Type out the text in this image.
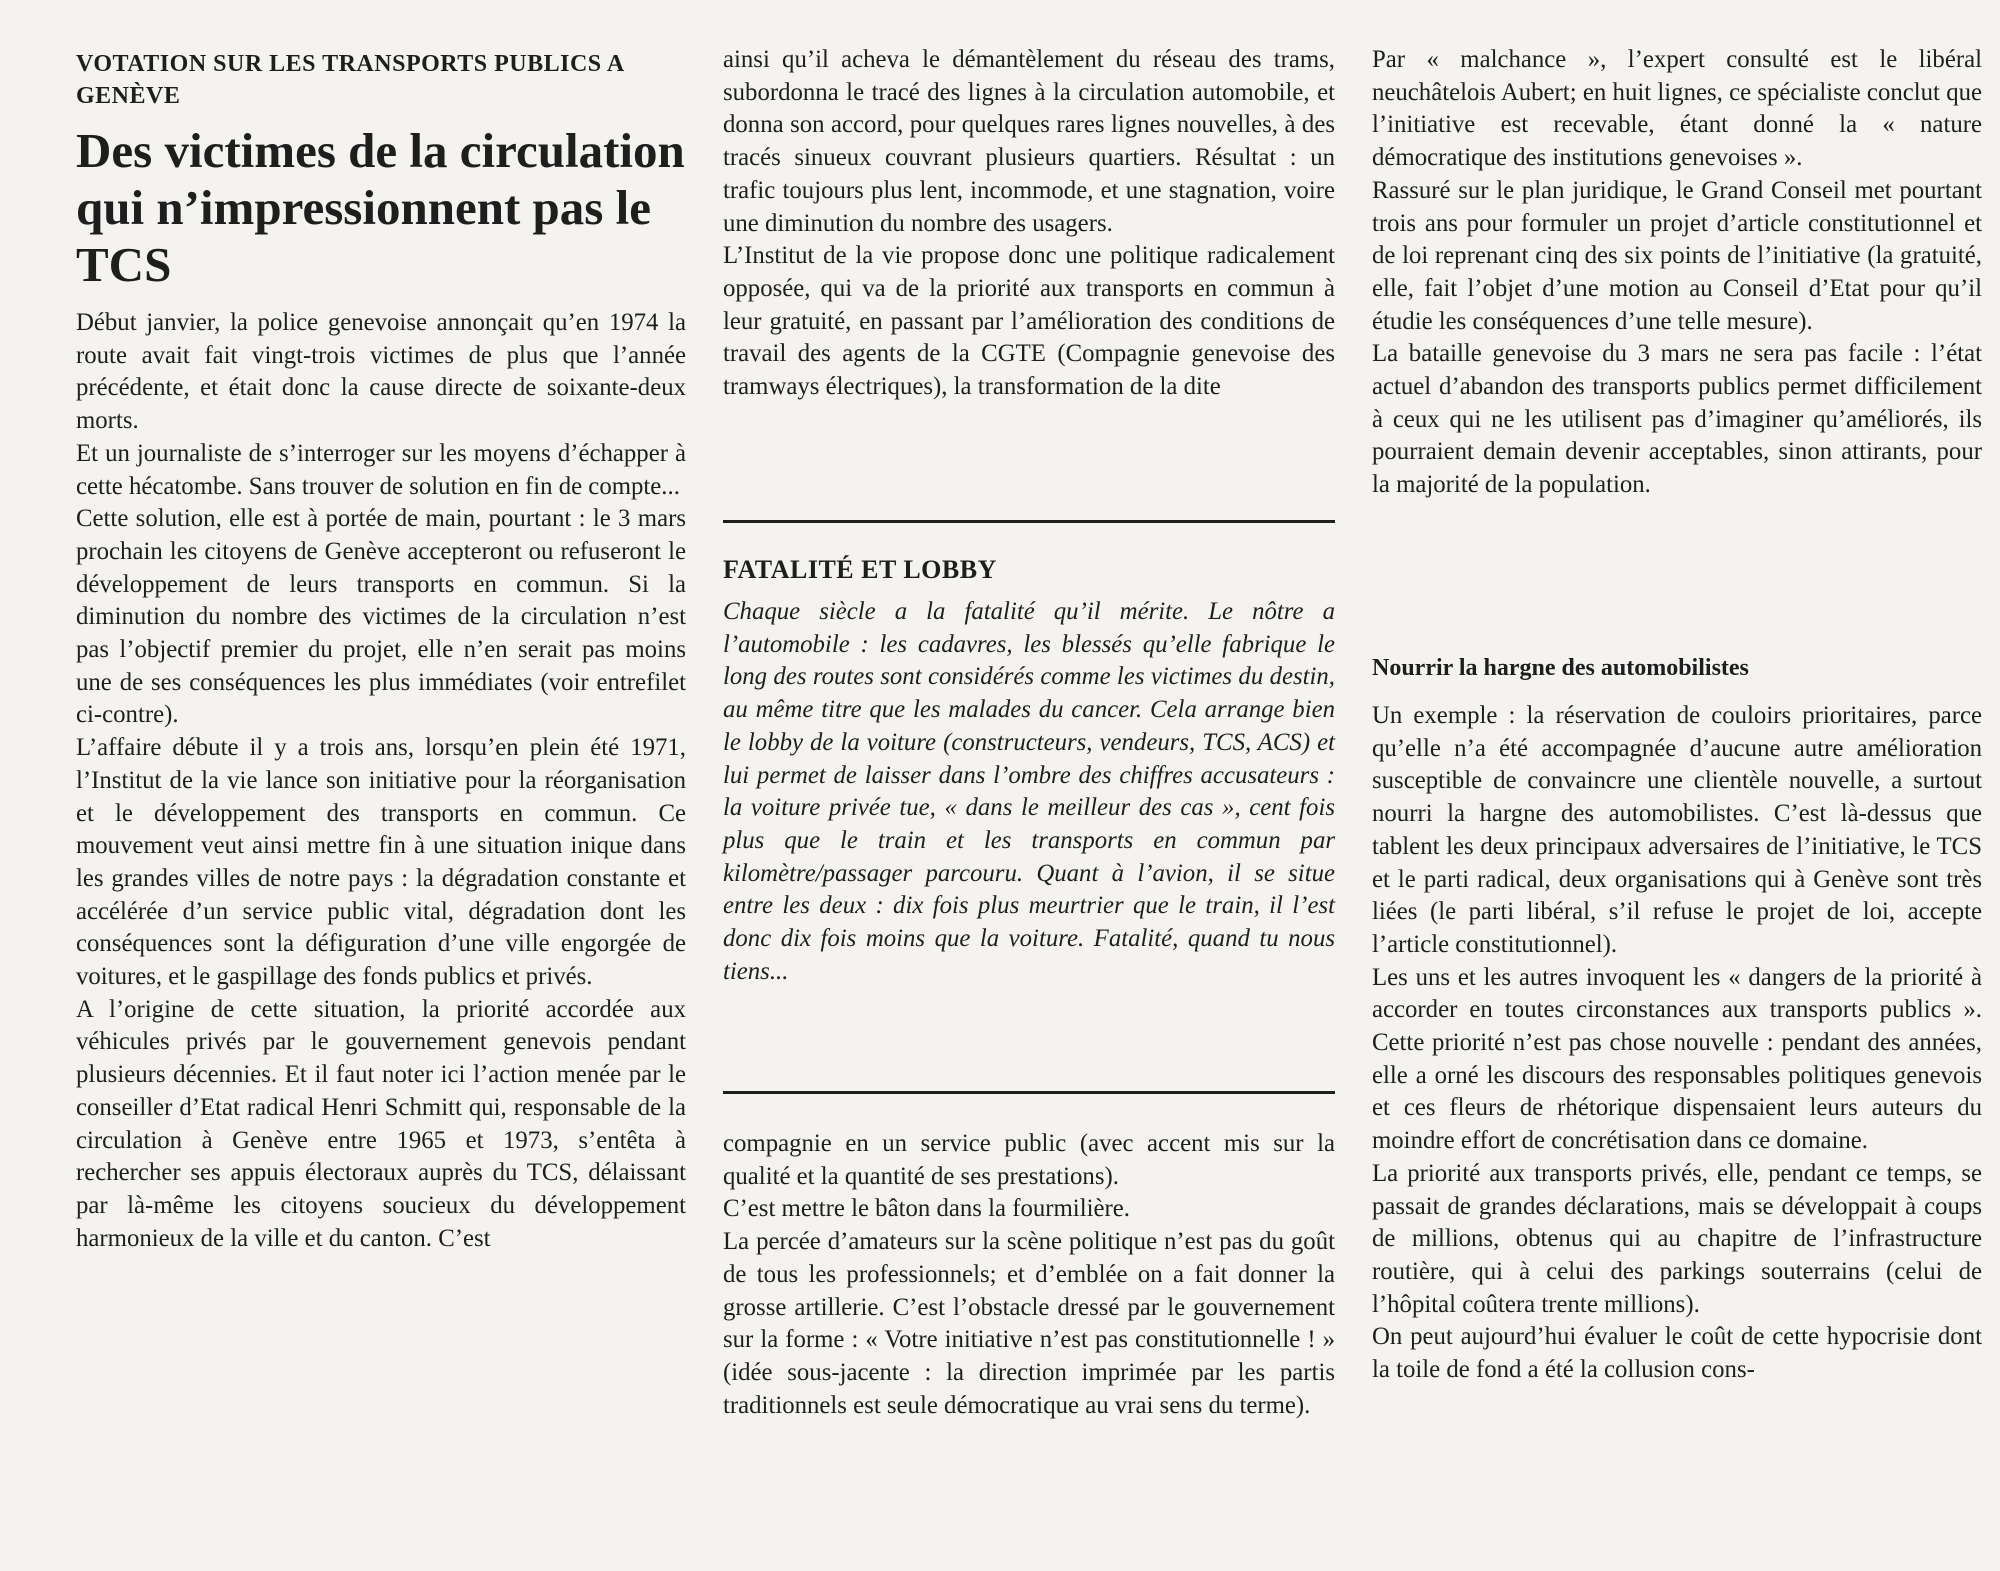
VOTATION SUR LES TRANSPORTS PUBLICS A GENÈVE
Des victimes de la circulation qui n’impressionnent pas le TCS

Début janvier, la police genevoise annonçait qu’en 1974 la route avait fait vingt-trois victimes de plus que l’année précédente, et était donc la cause directe de soixante-deux morts.

Et un journaliste de s’interroger sur les moyens d’échapper à cette hécatombe. Sans trouver de solution en fin de compte...

Cette solution, elle est à portée de main, pourtant : le 3 mars prochain les citoyens de Genève accepteront ou refuseront le développement de leurs transports en commun. Si la diminution du nombre des victimes de la circulation n’est pas l’objectif premier du projet, elle n’en serait pas moins une de ses conséquences les plus immédiates (voir entrefilet ci-contre).

L’affaire débute il y a trois ans, lorsqu’en plein été 1971, l’Institut de la vie lance son initiative pour la réorganisation et le développement des transports en commun. Ce mouvement veut ainsi mettre fin à une situation inique dans les grandes villes de notre pays : la dégradation constante et accélérée d’un service public vital, dégradation dont les conséquences sont la défiguration d’une ville engorgée de voitures, et le gaspillage des fonds publics et privés.

A l’origine de cette situation, la priorité accordée aux véhicules privés par le gouvernement genevois pendant plusieurs décennies. Et il faut noter ici l’action menée par le conseiller d’Etat radical Henri Schmitt qui, responsable de la circulation à Genève entre 1965 et 1973, s’entêta à rechercher ses appuis électoraux auprès du TCS, délaissant par là-même les citoyens soucieux du développement harmonieux de la ville et du canton. C’est

ainsi qu’il acheva le démantèlement du réseau des trams, subordonna le tracé des lignes à la circulation automobile, et donna son accord, pour quelques rares lignes nouvelles, à des tracés sinueux couvrant plusieurs quartiers. Résultat : un trafic toujours plus lent, incommode, et une stagnation, voire une diminution du nombre des usagers.

L’Institut de la vie propose donc une politique radicalement opposée, qui va de la priorité aux transports en commun à leur gratuité, en passant par l’amélioration des conditions de travail des agents de la CGTE (Compagnie genevoise des tramways électriques), la transformation de la dite

FATALITÉ ET LOBBY

Chaque siècle a la fatalité qu’il mérite. Le nôtre a l’automobile : les cadavres, les blessés qu’elle fabrique le long des routes sont considérés comme les victimes du destin, au même titre que les malades du cancer. Cela arrange bien le lobby de la voiture (constructeurs, vendeurs, TCS, ACS) et lui permet de laisser dans l’ombre des chiffres accusateurs : la voiture privée tue, « dans le meilleur des cas », cent fois plus que le train et les transports en commun par kilomètre/passager parcouru. Quant à l’avion, il se situe entre les deux : dix fois plus meurtrier que le train, il l’est donc dix fois moins que la voiture. Fatalité, quand tu nous tiens...

compagnie en un service public (avec accent mis sur la qualité et la quantité de ses prestations).

C’est mettre le bâton dans la fourmilière.

La percée d’amateurs sur la scène politique n’est pas du goût de tous les professionnels; et d’emblée on a fait donner la grosse artillerie. C’est l’obstacle dressé par le gouvernement sur la forme : « Votre initiative n’est pas constitutionnelle ! » (idée sous-jacente : la direction imprimée par les partis traditionnels est seule démocratique au vrai sens du terme).

Par « malchance », l’expert consulté est le libéral neuchâtelois Aubert; en huit lignes, ce spécialiste conclut que l’initiative est recevable, étant donné la « nature démocratique des institutions genevoises ».

Rassuré sur le plan juridique, le Grand Conseil met pourtant trois ans pour formuler un projet d’article constitutionnel et de loi reprenant cinq des six points de l’initiative (la gratuité, elle, fait l’objet d’une motion au Conseil d’Etat pour qu’il étudie les conséquences d’une telle mesure).

La bataille genevoise du 3 mars ne sera pas facile : l’état actuel d’abandon des transports publics permet difficilement à ceux qui ne les utilisent pas d’imaginer qu’améliorés, ils pourraient demain devenir acceptables, sinon attirants, pour la majorité de la population.

Nourrir la hargne des automobilistes

Un exemple : la réservation de couloirs prioritaires, parce qu’elle n’a été accompagnée d’aucune autre amélioration susceptible de convaincre une clientèle nouvelle, a surtout nourri la hargne des automobilistes. C’est là-dessus que tablent les deux principaux adversaires de l’initiative, le TCS et le parti radical, deux organisations qui à Genève sont très liées (le parti libéral, s’il refuse le projet de loi, accepte l’article constitutionnel).

Les uns et les autres invoquent les « dangers de la priorité à accorder en toutes circonstances aux transports publics ». Cette priorité n’est pas chose nouvelle : pendant des années, elle a orné les discours des responsables politiques genevois et ces fleurs de rhétorique dispensaient leurs auteurs du moindre effort de concrétisation dans ce domaine.

La priorité aux transports privés, elle, pendant ce temps, se passait de grandes déclarations, mais se développait à coups de millions, obtenus qui au chapitre de l’infrastructure routière, qui à celui des parkings souterrains (celui de l’hôpital coûtera trente millions).

On peut aujourd’hui évaluer le coût de cette hypocrisie dont la toile de fond a été la collusion cons-
